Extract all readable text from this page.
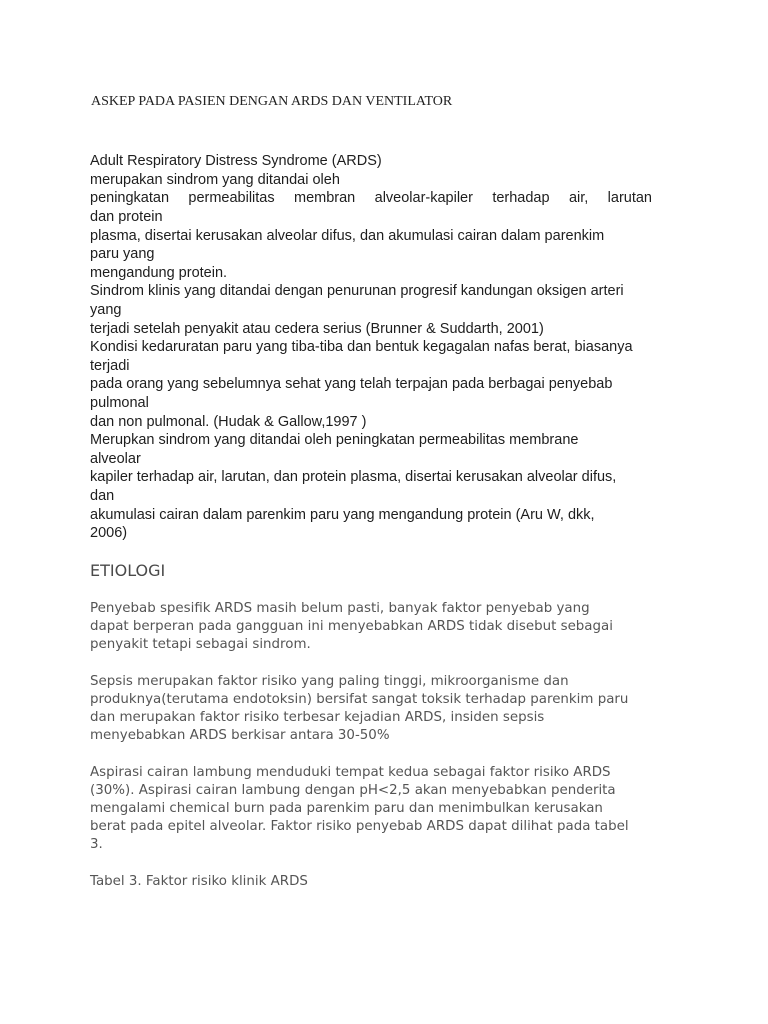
ASKEP PADA PASIEN DENGAN ARDS DAN VENTILATOR

Adult Respiratory Distress Syndrome (ARDS)

merupakan sindrom yang ditandai oleh

peningkatan permeabilitas membran alveolar-kapiler terhadap air, larutan

dan protein

plasma, disertai kerusakan alveolar difus, dan akumulasi cairan dalam parenkim

paru yang

mengandung protein.

Sindrom klinis yang ditandai dengan penurunan progresif kandungan oksigen arteri

yang

terjadi setelah penyakit atau cedera serius (Brunner & Suddarth, 2001)

Kondisi kedaruratan paru yang tiba-tiba dan bentuk kegagalan nafas berat, biasanya

terjadi

pada orang yang sebelumnya sehat yang telah terpajan pada berbagai penyebab

pulmonal

dan non pulmonal. (Hudak & Gallow,1997 )

Merupkan sindrom yang ditandai oleh peningkatan permeabilitas membrane

alveolar

kapiler terhadap air, larutan, dan protein plasma, disertai kerusakan alveolar difus,

dan

akumulasi cairan dalam parenkim paru yang mengandung protein (Aru W, dkk,

2006)

ETIOLOGI

Penyebab spesifik ARDS masih belum pasti, banyak faktor penyebab yang

dapat berperan pada gangguan ini menyebabkan ARDS tidak disebut sebagai

penyakit tetapi sebagai sindrom.

Sepsis merupakan faktor risiko yang paling tinggi, mikroorganisme dan

produknya(terutama endotoksin) bersifat sangat toksik terhadap parenkim paru

dan merupakan faktor risiko terbesar kejadian ARDS, insiden sepsis

menyebabkan ARDS berkisar antara 30-50%

Aspirasi cairan lambung menduduki tempat kedua sebagai faktor risiko ARDS

(30%). Aspirasi cairan lambung dengan pH<2,5 akan menyebabkan penderita

mengalami chemical burn pada parenkim paru dan menimbulkan kerusakan

berat pada epitel alveolar. Faktor risiko penyebab ARDS dapat dilihat pada tabel

3.

Tabel 3. Faktor risiko klinik ARDS
